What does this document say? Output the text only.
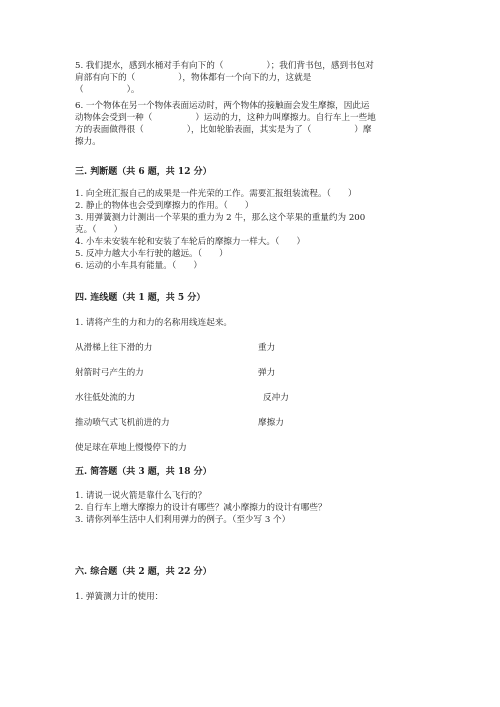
5. 我们提水，感到水桶对手有向下的（　　　　　）；我们背书包，感到书包对

肩部有向下的（　　　　　），物体都有一个向下的力，这就是

（　　　　　）。

6. 一个物体在另一个物体表面运动时，两个物体的接触面会发生摩擦，因此运

动物体会受到一种（　　　　　）运动的力，这种力叫摩擦力。自行车上一些地

方的表面做得很（　　　　　），比如轮胎表面，其实是为了（　　　　　）摩

擦力。

三. 判断题（共 6 题，共 12 分）

1. 向全班汇报自己的成果是一件光荣的工作。需要汇报组装流程。（　　）

2. 静止的物体也会受到摩擦力的作用。（　　）

3. 用弹簧测力计测出一个苹果的重力为 2 牛，那么这个苹果的重量约为 200

克。（　　）

4. 小车未安装车轮和安装了车轮后的摩擦力一样大。（　　）

5. 反冲力越大小车行驶的越远。（　　）

6. 运动的小车具有能量。（　　）

四. 连线题（共 1 题，共 5 分）
1. 请将产生的力和力的名称用线连起来。
从滑梯上往下滑的力
射箭时弓产生的力
水往低处流的力
推动喷气式飞机前进的力
使足球在草地上慢慢停下的力
重力
弹力
反冲力
摩擦力
五. 简答题（共 3 题，共 18 分）

1. 请说一说火箭是靠什么飞行的？

2. 自行车上增大摩擦力的设计有哪些？减小摩擦力的设计有哪些？

3. 请你列举生活中人们利用弹力的例子。（至少写 3 个）

六. 综合题（共 2 题，共 22 分）
1. 弹簧测力计的使用：
